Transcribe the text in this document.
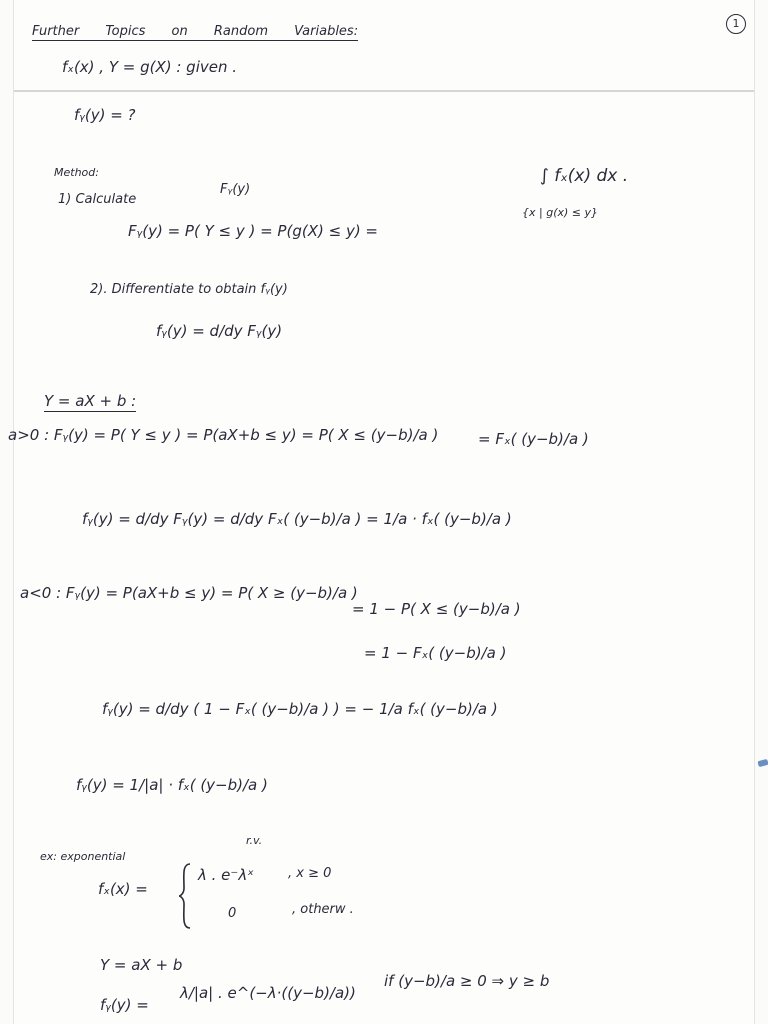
1
Further Topics on Random Variables:
fₓ(x) , Y = g(X) : given .
fᵧ(y) = ?
Method:
1) Calculate
Fᵧ(y)
Fᵧ(y) = P( Y ≤ y ) = P(g(X) ≤ y) =
∫ fₓ(x) dx .
{x | g(x) ≤ y}
2). Differentiate to obtain fᵧ(y)
fᵧ(y) = d/dy Fᵧ(y)
Y = aX + b :
a>0 : Fᵧ(y) = P( Y ≤ y ) = P(aX+b ≤ y) = P( X ≤ (y−b)/a )	= Fₓ( (y−b)/a )
fᵧ(y) = d/dy Fᵧ(y) = d/dy Fₓ( (y−b)/a ) = 1/a · fₓ( (y−b)/a )
a<0 : Fᵧ(y) = P(aX+b ≤ y) = P( X ≥ (y−b)/a )
= 1 − P( X ≤ (y−b)/a )
= 1 − Fₓ( (y−b)/a )
fᵧ(y) = d/dy ( 1 − Fₓ( (y−b)/a ) ) = − 1/a fₓ( (y−b)/a )
fᵧ(y) = 1/|a| · fₓ( (y−b)/a )
ex: exponential
r.v.
fₓ(x) =
λ . e⁻λˣ	, x ≥ 0
0	, otherw .
Y = aX + b
fᵧ(y) =
λ/|a| . e^(−λ·((y−b)/a))
if (y−b)/a ≥ 0 ⇒ y ≥ b
